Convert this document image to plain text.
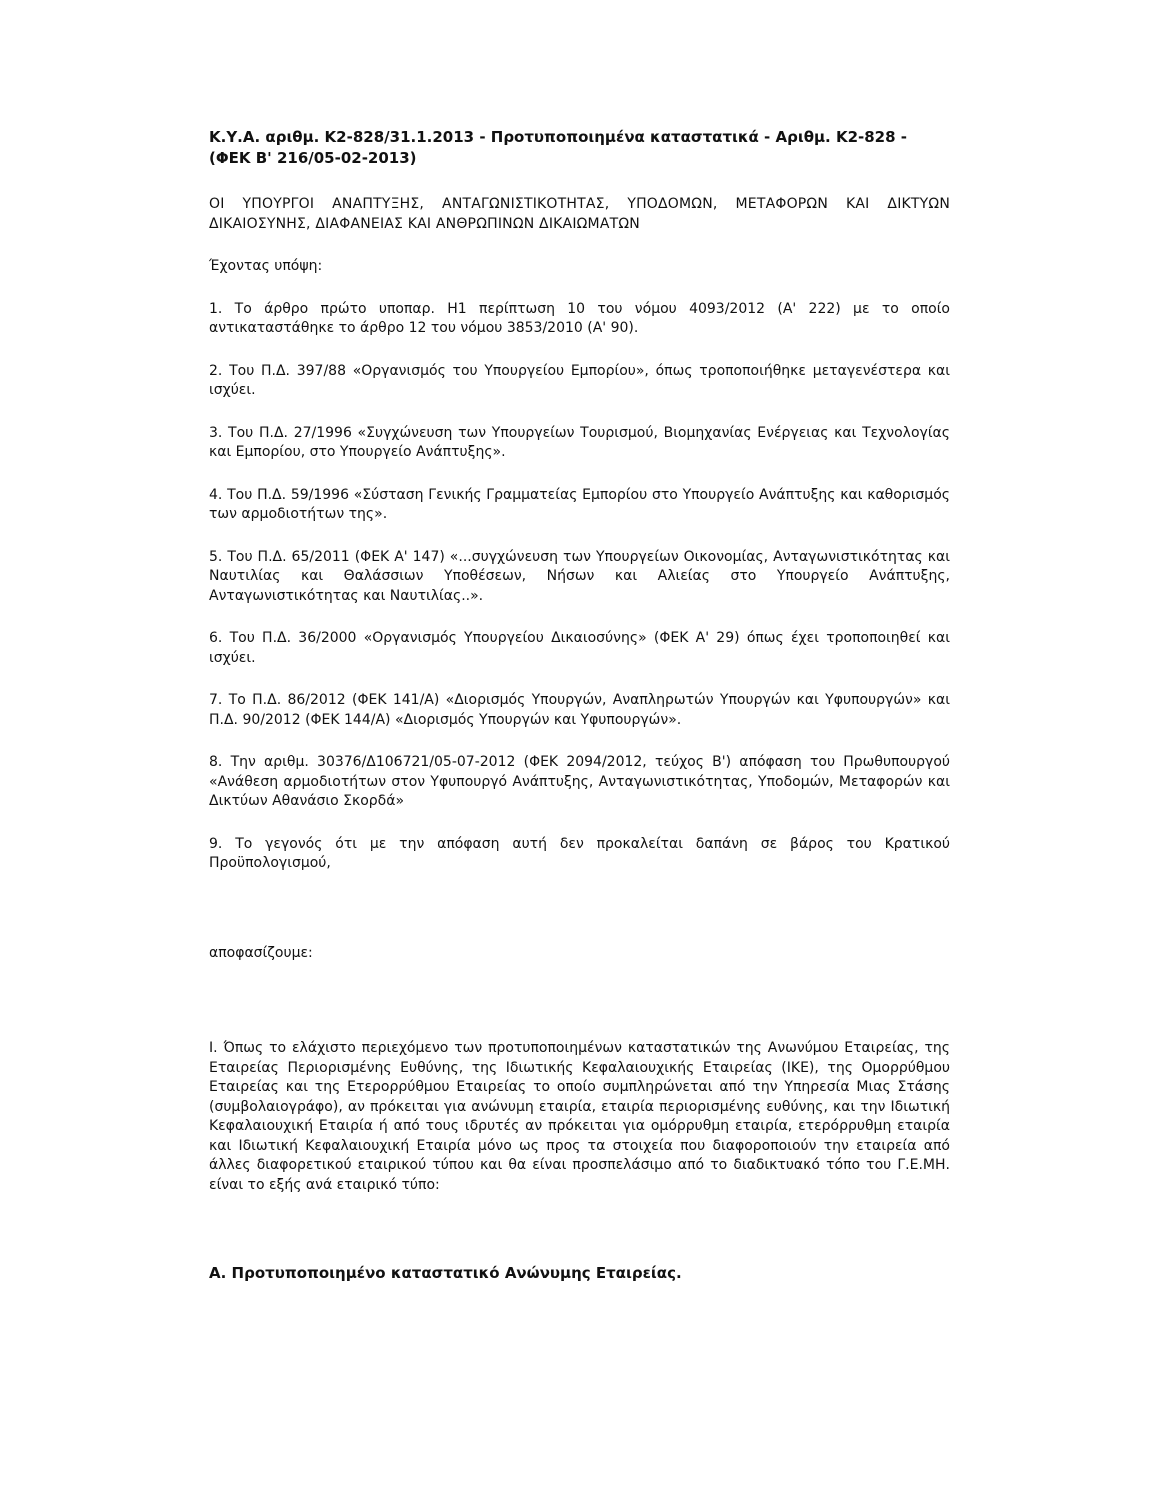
Κ.Υ.Α. αριθμ. Κ2-828/31.1.2013 - Προτυποποιημένα καταστατικά - Αριθμ. Κ2-828 - (ΦΕΚ Β' 216/05-02-2013)

ΟΙ ΥΠΟΥΡΓΟΙ ΑΝΑΠΤΥΞΗΣ, ΑΝΤΑΓΩΝΙΣΤΙΚΟΤΗΤΑΣ, ΥΠΟΔΟΜΩΝ, ΜΕΤΑΦΟΡΩΝ ΚΑΙ ΔΙΚΤΥΩΝ ΔΙΚΑΙΟΣΥΝΗΣ, ΔΙΑΦΑΝΕΙΑΣ ΚΑΙ ΑΝΘΡΩΠΙΝΩΝ ΔΙΚΑΙΩΜΑΤΩΝ

Έχοντας υπόψη:

1. Το άρθρο πρώτο υποπαρ. Η1 περίπτωση 10 του νόμου 4093/2012 (Α' 222) με το οποίο αντικαταστάθηκε το άρθρο 12 του νόμου 3853/2010 (Α' 90).

2. Του Π.Δ. 397/88 «Οργανισμός του Υπουργείου Εμπορίου», όπως τροποποιήθηκε μεταγενέστερα και ισχύει.

3. Του Π.Δ. 27/1996 «Συγχώνευση των Υπουργείων Τουρισμού, Βιομηχανίας Ενέργειας και Τεχνολογίας και Εμπορίου, στο Υπουργείο Ανάπτυξης».

4. Του Π.Δ. 59/1996 «Σύσταση Γενικής Γραμματείας Εμπορίου στο Υπουργείο Ανάπτυξης και καθορισμός των αρμοδιοτήτων της».

5. Του Π.Δ. 65/2011 (ΦΕΚ Α' 147) «...συγχώνευση των Υπουργείων Οικονομίας, Ανταγωνιστικότητας και Ναυτιλίας και Θαλάσσιων Υποθέσεων, Νήσων και Αλιείας στο Υπουργείο Ανάπτυξης, Ανταγωνιστικότητας και Ναυτιλίας..».

6. Του Π.Δ. 36/2000 «Οργανισμός Υπουργείου Δικαιοσύνης» (ΦΕΚ Α' 29) όπως έχει τροποποιηθεί και ισχύει.

7. Το Π.Δ. 86/2012 (ΦΕΚ 141/Α) «Διορισμός Υπουργών, Αναπληρωτών Υπουργών και Υφυπουργών» και Π.Δ. 90/2012 (ΦΕΚ 144/Α) «Διορισμός Υπουργών και Υφυπουργών».

8. Την αριθμ. 30376/Δ106721/05-07-2012 (ΦΕΚ 2094/2012, τεύχος Β') απόφαση του Πρωθυπουργού «Ανάθεση αρμοδιοτήτων στον Υφυπουργό Ανάπτυξης, Ανταγωνιστικότητας, Υποδομών, Μεταφορών και Δικτύων Αθανάσιο Σκορδά»

9. Το γεγονός ότι με την απόφαση αυτή δεν προκαλείται δαπάνη σε βάρος του Κρατικού Προϋπολογισμού,

αποφασίζουμε:

Ι. Όπως το ελάχιστο περιεχόμενο των προτυποποιημένων καταστατικών της Ανωνύμου Εταιρείας, της Εταιρείας Περιορισμένης Ευθύνης, της Ιδιωτικής Κεφαλαιουχικής Εταιρείας (ΙΚΕ), της Ομορρύθμου Εταιρείας και της Ετερορρύθμου Εταιρείας το οποίο συμπληρώνεται από την Υπηρεσία Μιας Στάσης (συμβολαιογράφο), αν πρόκειται για ανώνυμη εταιρία, εταιρία περιορισμένης ευθύνης, και την Ιδιωτική Κεφαλαιουχική Εταιρία ή από τους ιδρυτές αν πρόκειται για ομόρρυθμη εταιρία, ετερόρρυθμη εταιρία και Ιδιωτική Κεφαλαιουχική Εταιρία μόνο ως προς τα στοιχεία που διαφοροποιούν την εταιρεία από άλλες διαφορετικού εταιρικού τύπου και θα είναι προσπελάσιμο από το διαδικτυακό τόπο του Γ.Ε.ΜΗ. είναι το εξής ανά εταιρικό τύπο:

Α. Προτυποποιημένο καταστατικό Ανώνυμης Εταιρείας.
